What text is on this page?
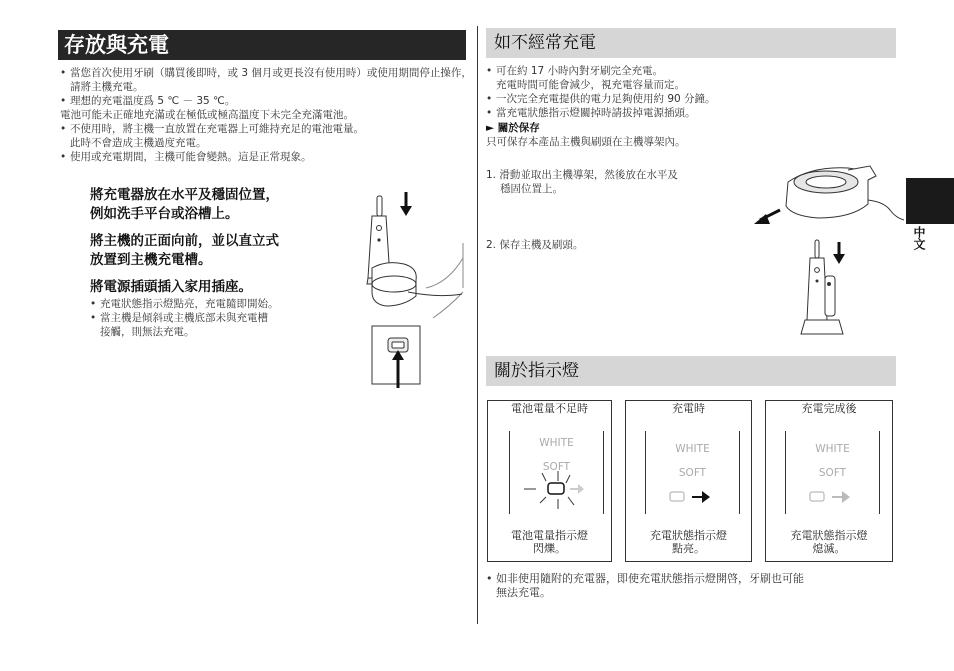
存放與充電
• 當您首次使用牙刷（購買後即時，或 3 個月或更長沒有使用時）或使用期間停止操作，請將主機充電。
• 理想的充電溫度爲 5 ℃ － 35 ℃。
電池可能未正確地充滿或在極低或極高溫度下未完全充滿電池。
• 不使用時，將主機一直放置在充電器上可維持充足的電池電量。
此時不會造成主機過度充電。
• 使用或充電期間，主機可能會變熱。這是正常現象。
將充電器放在水平及穩固位置，
例如洗手平台或浴槽上。
將主機的正面向前，並以直立式
放置到主機充電槽。
將電源插頭插入家用插座。
• 充電狀態指示燈點亮，充電隨即開始。
• 當主機是傾斜或主機底部未與充電槽
接觸，則無法充電。
如不經常充電
• 可在約 17 小時內對牙刷完全充電。
充電時間可能會減少，視充電容量而定。
• 一次完全充電提供的電力足夠使用約 90 分鐘。
• 當充電狀態指示燈關掉時請拔掉電源插頭。
► 關於保存
只可保存本產品主機與刷頭在主機導架內。
1. 滑動並取出主機導架，然後放在水平及
穩固位置上。
2. 保存主機及刷頭。
關於指示燈
電池電量不足時
WHITE
SOFT
電池電量指示燈
閃爍。
充電時
WHITE
SOFT
充電狀態指示燈
點亮。
充電完成後
WHITE
SOFT
充電狀態指示燈
熄滅。
• 如非使用隨附的充電器，即使充電狀態指示燈開啓，牙刷也可能
無法充電。
中文
